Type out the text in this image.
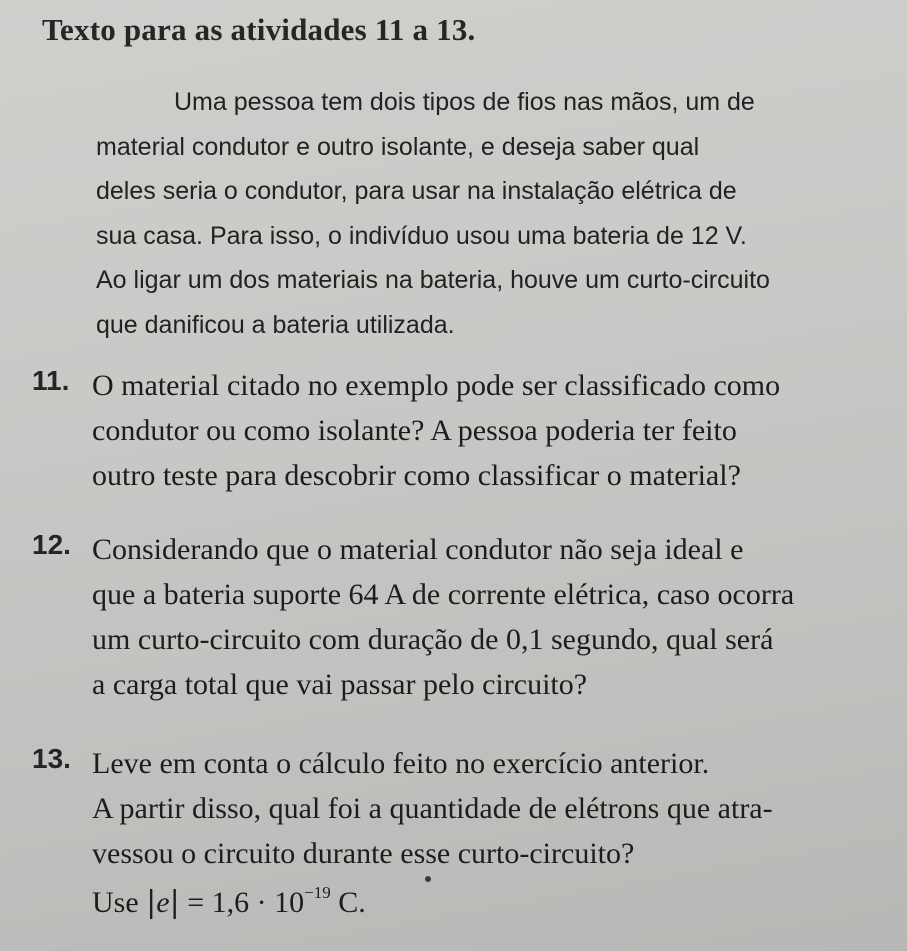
Texto para as atividades 11 a 13.

Uma pessoa tem dois tipos de fios nas mãos, um de
material condutor e outro isolante, e deseja saber qual
deles seria o condutor, para usar na instalação elétrica de
sua casa. Para isso, o indivíduo usou uma bateria de 12 V.
Ao ligar um dos materiais na bateria, houve um curto-circuito
que danificou a bateria utilizada.

11. O material citado no exemplo pode ser classificado como
condutor ou como isolante? A pessoa poderia ter feito
outro teste para descobrir como classificar o material?
12. Considerando que o material condutor não seja ideal e
que a bateria suporte 64 A de corrente elétrica, caso ocorra
um curto-circuito com duração de 0,1 segundo, qual será
a carga total que vai passar pelo circuito?
13. Leve em conta o cálculo feito no exercício anterior.
A partir disso, qual foi a quantidade de elétrons que atra-
vessou o circuito durante esse curto-circuito?
Use $|e| = 1,6 \cdot 10^{-19}$ C.
